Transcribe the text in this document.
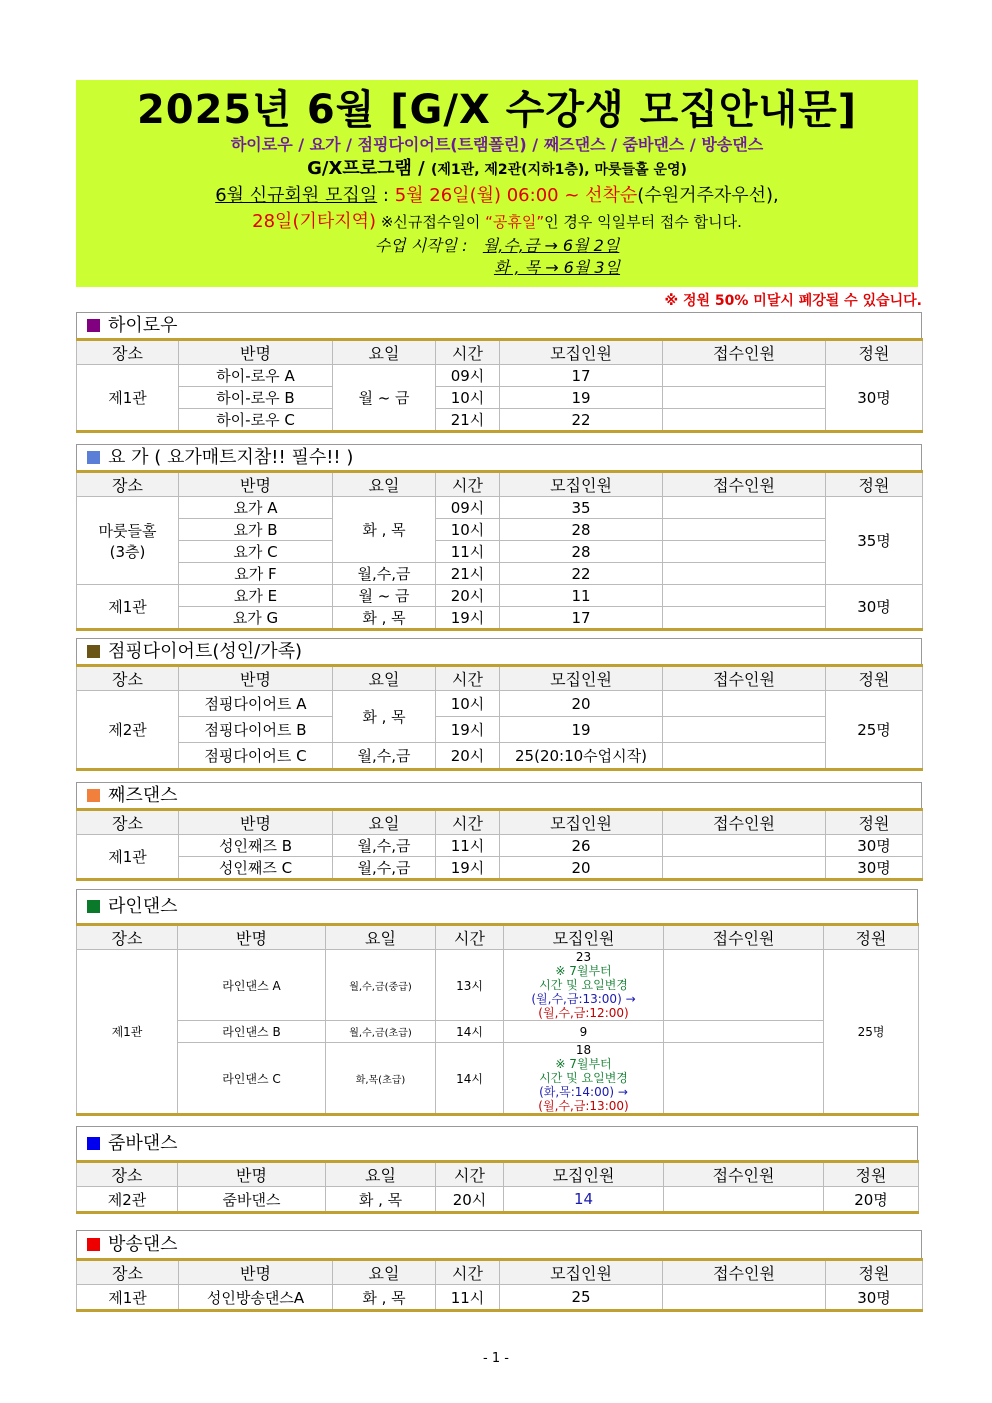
2025년 6월 [G/X 수강생 모집안내문]
하이로우 / 요가 / 점핑다이어트(트램폴린) / 째즈댄스 / 줌바댄스 / 방송댄스
G/X프로그램 / (제1관, 제2관(지하1층), 마룻들홀 운영)
6월 신규회원 모집일 : 5월 26일(월) 06:00 ~ 선착순(수원거주자우선),
28일(기타지역) ※신규접수일이 “공휴일”인 경우 익일부터 접수 합니다.
수업 시작일 : 월,수,금 → 6월 2일
화 , 목 → 6월 3일
※ 정원 50% 미달시 폐강될 수 있습니다.
하이로우
장소	반명	요일	시간	모집인원	접수인원	정원
제1관	하이-로우 A	월 ~ 금	09시	17		30명
	하이-로우 B		10시	19		
	하이-로우 C		21시	22		
요 가 ( 요가매트지참!! 필수!! )
장소	반명	요일	시간	모집인원	접수인원	정원
마룻들홀
(3층)	요가 A	화 , 목	09시	35		35명
	요가 B		10시	28		
	요가 C		11시	28		
	요가 F	월,수,금	21시	22		
제1관	요가 E	월 ~ 금	20시	11		30명
	요가 G	화 , 목	19시	17		
점핑다이어트(성인/가족)
장소	반명	요일	시간	모집인원	접수인원	정원
제2관	점핑다이어트 A	화 , 목	10시	20		25명
	점핑다이어트 B		19시	19		
	점핑다이어트 C	월,수,금	20시	25(20:10수업시작)		
째즈댄스
장소	반명	요일	시간	모집인원	접수인원	정원
제1관	성인째즈 B	월,수,금	11시	26		30명
	성인째즈 C	월,수,금	19시	20		30명
라인댄스
장소	반명	요일	시간	모집인원	접수인원	정원
제1관	라인댄스 A	월,수,금(중급)	13시	23
※ 7월부터
시간 및 요일변경
(월,수,금:13:00) →
(월,수,금:12:00)		25명
	라인댄스 B	월,수,금(초급)	14시	9		
	라인댄스 C	화,목(초급)	14시	18
※ 7월부터
시간 및 요일변경
(화,목:14:00) →
(월,수,금:13:00)		

줌바댄스
장소	반명	요일	시간	모집인원	접수인원	정원
제2관	줌바댄스	화 , 목	20시	14		20명
방송댄스
장소	반명	요일	시간	모집인원	접수인원	정원
제1관	성인방송댄스A	화 , 목	11시	25		30명
- 1 -
